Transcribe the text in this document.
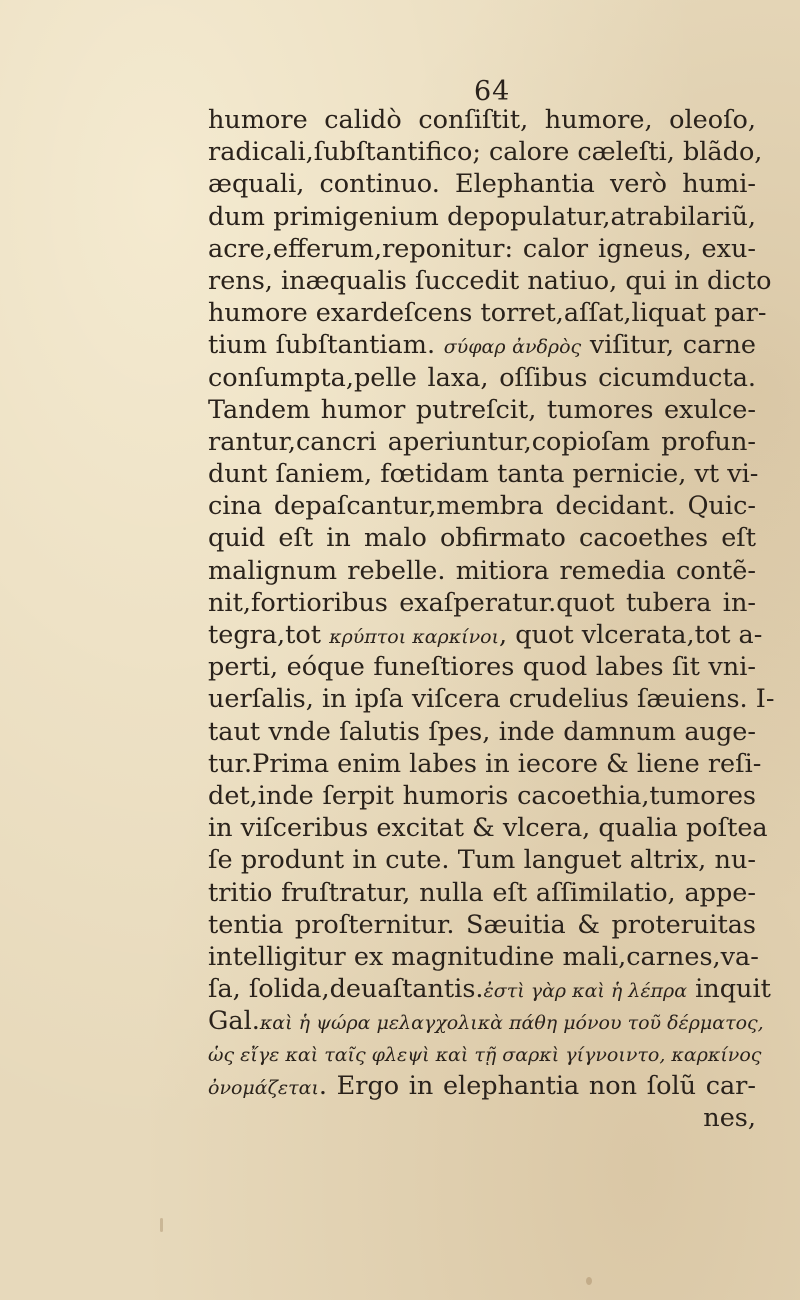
64
humore calidò conſiſtit, humore, oleoſo,
radicali,ſubſtantifico; calore cæleſti, blãdo,
æquali, continuo. Elephantia verò humi-
dum primigenium depopulatur,atrabilariũ,
acre,efferum,reponitur: calor igneus, exu-
rens, inæqualis ſuccedit natiuo, qui in dicto
humore exardeſcens torret,aſſat,liquat par-
tium ſubſtantiam. σύφαρ ἀνδρὸς viſitur, carne
conſumpta,pelle laxa, oſſibus cicumducta.
Tandem humor putreſcit, tumores exulce-
rantur,cancri aperiuntur,copioſam profun-
dunt ſaniem, fœtidam tanta pernicie, vt vi-
cina depaſcantur,membra decidant. Quic-
quid eſt in malo obfirmato cacoethes eſt
malignum rebelle. mitiora remedia contẽ-
nit,fortioribus exaſperatur.quot tubera in-
tegra,tot κρύπτοι καρκίνοι, quot vlcerata,tot a-
perti, eóque funeſtiores quod labes ſit vni-
uerſalis, in ipſa viſcera crudelius ſæuiens. I-
taut vnde ſalutis ſpes, inde damnum auge-
tur.Prima enim labes in iecore & liene reſi-
det,inde ſerpit humoris cacoethia,tumores
in viſceribus excitat & vlcera, qualia poſtea
ſe produnt in cute. Tum languet altrix, nu-
tritio fruſtratur, nulla eſt aſſimilatio, appe-
tentia proſternitur. Sæuitia & proteruitas
intelligitur ex magnitudine mali,carnes,va-
ſa, ſolida,deuaſtantis.ἐστὶ γὰρ καὶ ἡ λέπρα inquit
Gal.καὶ ἡ ψώρα μελαγχολικὰ πάθη μόνου τοῦ δέρματος,
ὡς εἴγε καὶ ταῖς φλεψὶ καὶ τῇ σαρκὶ γίγνοιντο, καρκίνος
ὀνομάζεται. Ergo in elephantia non ſolũ car-
nes,
